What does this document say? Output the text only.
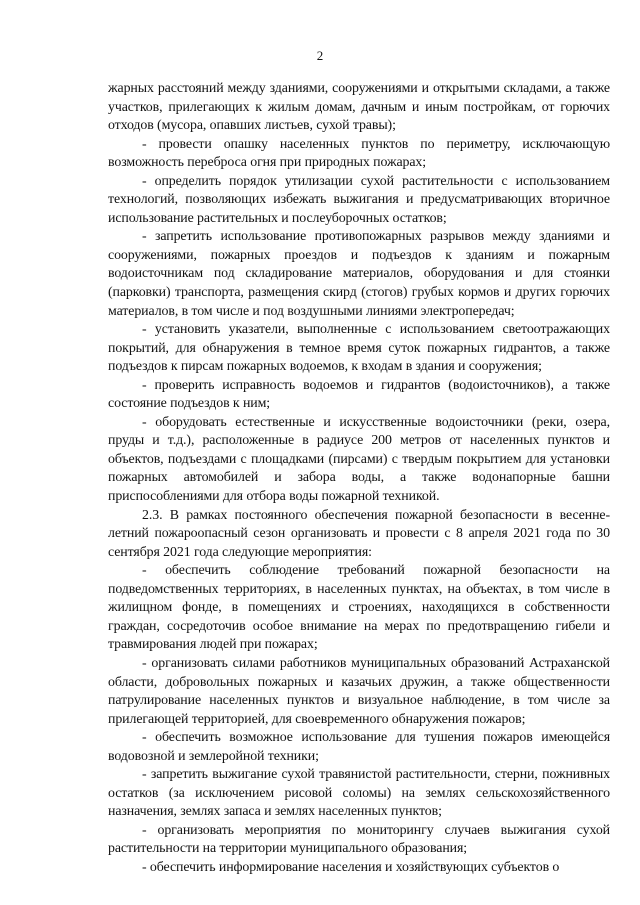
2

жарных расстояний между зданиями, сооружениями и открытыми складами, а также участков, прилегающих к жилым домам, дачным и иным постройкам, от горючих отходов (мусора, опавших листьев, сухой травы);

- провести опашку населенных пунктов по периметру, исключающую возможность переброса огня при природных пожарах;

- определить порядок утилизации сухой растительности с использованием технологий, позволяющих избежать выжигания и предусматривающих вторичное использование растительных и послеуборочных остатков;

- запретить использование противопожарных разрывов между зданиями и сооружениями, пожарных проездов и подъездов к зданиям и пожарным водоисточникам под складирование материалов, оборудования и для стоянки (парковки) транспорта, размещения скирд (стогов) грубых кормов и других горючих материалов, в том числе и под воздушными линиями электропередач;

- установить указатели, выполненные с использованием светоотражающих покрытий, для обнаружения в темное время суток пожарных гидрантов, а также подъездов к пирсам пожарных водоемов, к входам в здания и сооружения;

- проверить исправность водоемов и гидрантов (водоисточников), а также состояние подъездов к ним;

- оборудовать естественные и искусственные водоисточники (реки, озера, пруды и т.д.), расположенные в радиусе 200 метров от населенных пунктов и объектов, подъездами с площадками (пирсами) с твердым покрытием для установки пожарных автомобилей и забора воды, а также водонапорные башни приспособлениями для отбора воды пожарной техникой.

2.3. В рамках постоянного обеспечения пожарной безопасности в весенне-летний пожароопасный сезон организовать и провести с 8 апреля 2021 года по 30 сентября 2021 года следующие мероприятия:

- обеспечить соблюдение требований пожарной безопасности на подведомственных территориях, в населенных пунктах, на объектах, в том числе в жилищном фонде, в помещениях и строениях, находящихся в собственности граждан, сосредоточив особое внимание на мерах по предотвращению гибели и травмирования людей при пожарах;

- организовать силами работников муниципальных образований Астраханской области, добровольных пожарных и казачьих дружин, а также общественности патрулирование населенных пунктов и визуальное наблюдение, в том числе за прилегающей территорией, для своевременного обнаружения пожаров;

- обеспечить возможное использование для тушения пожаров имеющейся водовозной и землеройной техники;

- запретить выжигание сухой травянистой растительности, стерни, пожнивных остатков (за исключением рисовой соломы) на землях сельскохозяйственного назначения, землях запаса и землях населенных пунктов;

- организовать мероприятия по мониторингу случаев выжигания сухой растительности на территории муниципального образования;

- обеспечить информирование населения и хозяйствующих субъектов о
